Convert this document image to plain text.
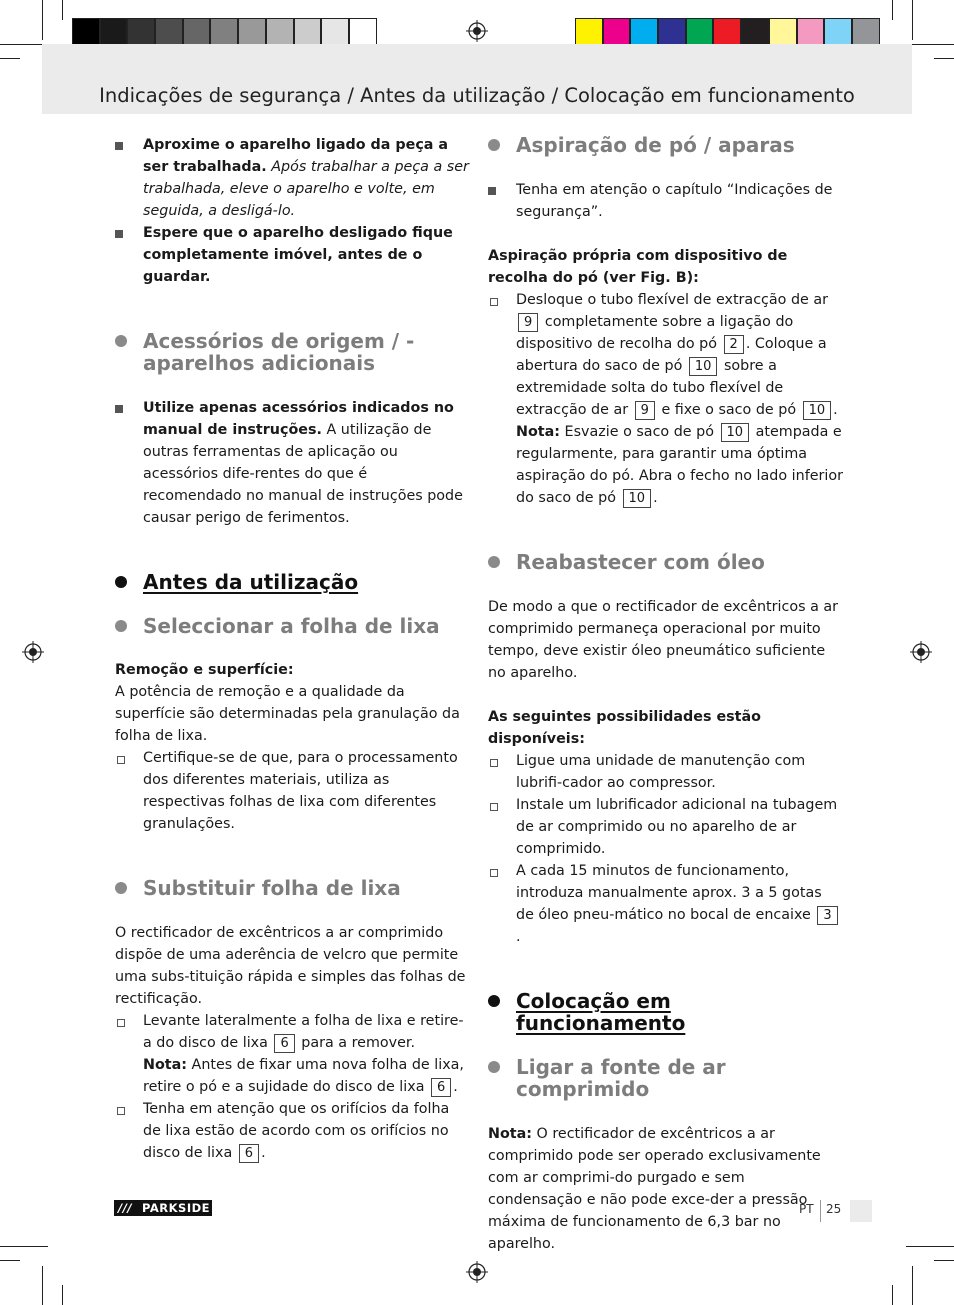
Indicações de segurança / Antes da utilização / Colocação em funcionamento
Aproxime o aparelho ligado da peça a ser trabalhada. Após trabalhar a peça a ser trabalhada, eleve o aparelho e volte, em seguida, a desligá-lo.
Espere que o aparelho desligado fique completamente imóvel, antes de o guardar.
Acessórios de origem / -aparelhos adicionais
Utilize apenas acessórios indicados no manual de instruções. A utilização de outras ferramentas de aplicação ou acessórios dife-rentes do que é recomendado no manual de instruções pode causar perigo de ferimentos.
Antes da utilização
Seleccionar a folha de lixa

Remoção e superfície:

A potência de remoção e a qualidade da superfície são determinadas pela granulação da folha de lixa.

Certifique-se de que, para o processamento dos diferentes materiais, utiliza as respectivas folhas de lixa com diferentes granulações.
Substituir folha de lixa

O rectificador de excêntricos a ar comprimido dispõe de uma aderência de velcro que permite uma subs-tituição rápida e simples das folhas de rectificação.

Levante lateralmente a folha de lixa e retire-a do disco de lixa 6 para a remover.
Nota: Antes de fixar uma nova folha de lixa, retire o pó e a sujidade do disco de lixa 6 .
Tenha em atenção que os orifícios da folha de lixa estão de acordo com os orifícios no disco de lixa 6 .
Aspiração de pó / aparas
Tenha em atenção o capítulo “Indicações de segurança”.

Aspiração própria com dispositivo de recolha do pó (ver Fig. B):

Desloque o tubo flexível de extracção de ar 9 completamente sobre a ligação do dispositivo de recolha do pó 2 . Coloque a abertura do saco de pó 10 sobre a extremidade solta do tubo flexível de extracção de ar 9 e fixe o saco de pó 10 .
Nota: Esvazie o saco de pó 10 atempada e regularmente, para garantir uma óptima aspiração do pó. Abra o fecho no lado inferior do saco de pó 10 .
Reabastecer com óleo

De modo a que o rectificador de excêntricos a ar comprimido permaneça operacional por muito tempo, deve existir óleo pneumático suficiente no aparelho.

As seguintes possibilidades estão disponíveis:

Ligue uma unidade de manutenção com lubrifi-cador ao compressor.
Instale um lubrificador adicional na tubagem de ar comprimido ou no aparelho de ar comprimido.
A cada 15 minutos de funcionamento, introduza manualmente aprox. 3 a 5 gotas de óleo pneu-mático no bocal de encaixe 3.
Colocação em funcionamento
Ligar a fonte de ar comprimido

Nota: O rectificador de excêntricos a ar comprimido pode ser operado exclusivamente com ar comprimi-do purgado e sem condensação e não pode exce-der a pressão máxima de funcionamento de 6,3 bar no aparelho.

/// PARKSIDE	PT 25
